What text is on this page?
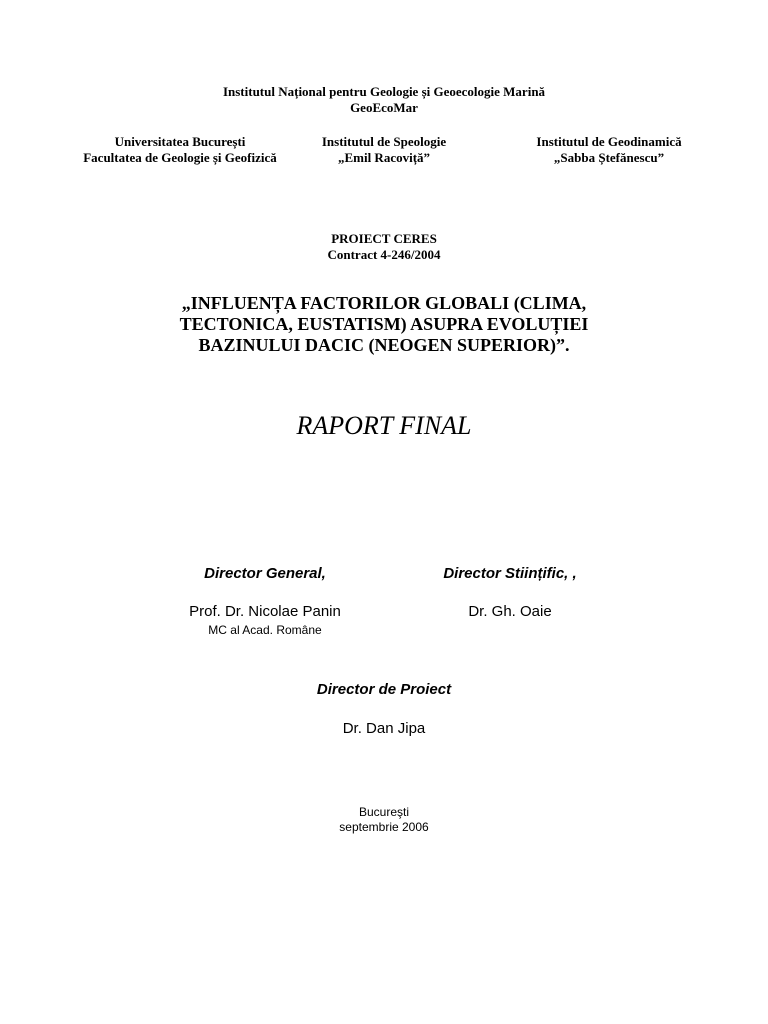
Institutul Național pentru Geologie și Geoecologie Marină
GeoEcoMar
Universitatea București
Facultatea de Geologie și Geofizică
Institutul de Speologie
„Emil Racoviță”
Institutul de Geodinamică
„Sabba Ștefănescu”
PROIECT CERES
Contract 4-246/2004
„INFLUENȚA FACTORILOR GLOBALI (CLIMA,
TECTONICA, EUSTATISM) ASUPRA EVOLUȚIEI
BAZINULUI DACIC (NEOGEN SUPERIOR)”.
RAPORT FINAL
Director General,	Director Stiințific, ,
Prof. Dr. Nicolae Panin	Dr. Gh. Oaie
MC al Acad. Române
Director de Proiect
Dr. Dan Jipa
Bucureşti
septembrie 2006
